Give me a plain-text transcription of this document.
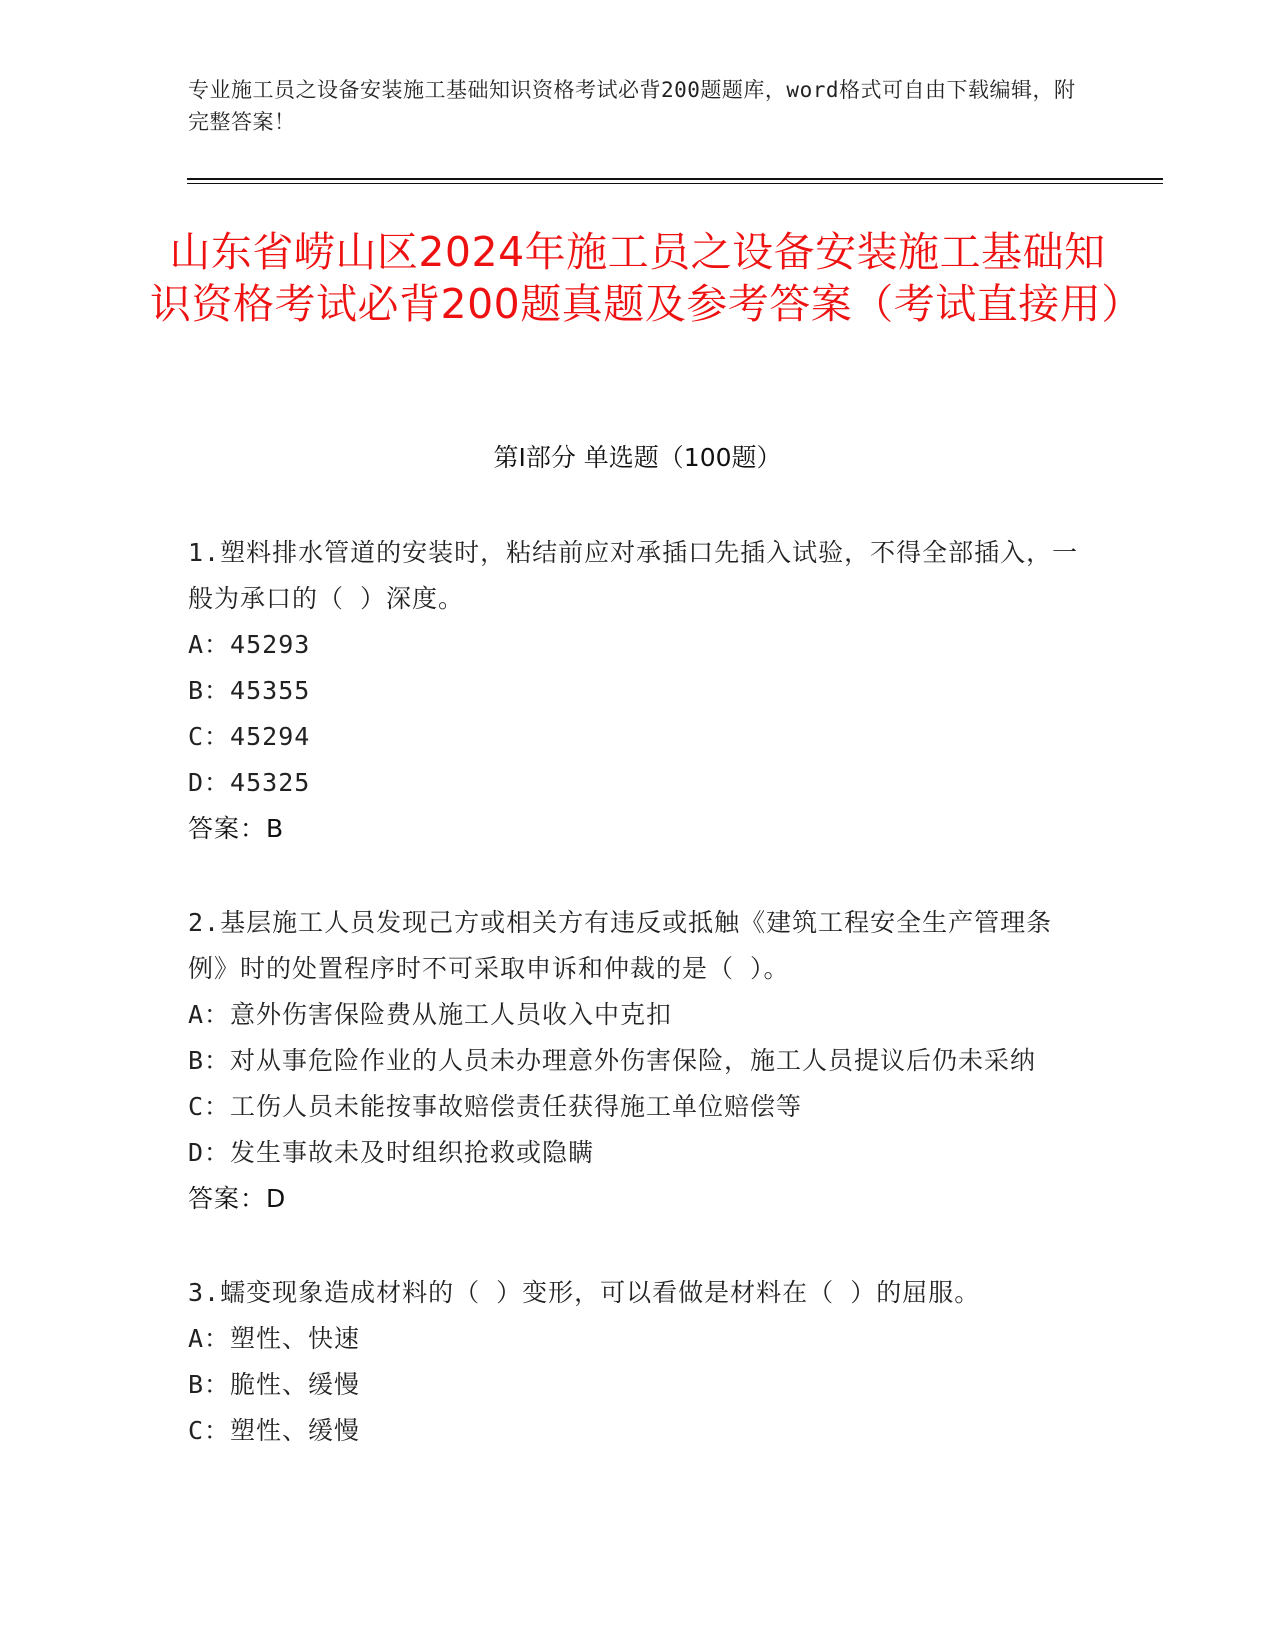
专业施工员之设备安装施工基础知识资格考试必背200题题库，word格式可自由下载编辑，附完整答案！
山东省崂山区2024年施工员之设备安装施工基础知识资格考试必背200题真题及参考答案（考试直接用）
第Ⅰ部分 单选题（100题）
1.塑料排水管道的安装时，粘结前应对承插口先插入试验，不得全部插入，一般为承口的（ ）深度。
A：45293
B：45355
C：45294
D：45325
答案：B
2.基层施工人员发现己方或相关方有违反或抵触《建筑工程安全生产管理条例》时的处置程序时不可采取申诉和仲裁的是（ ）。
A：意外伤害保险费从施工人员收入中克扣
B：对从事危险作业的人员未办理意外伤害保险，施工人员提议后仍未采纳
C：工伤人员未能按事故赔偿责任获得施工单位赔偿等
D：发生事故未及时组织抢救或隐瞒
答案：D
3.蠕变现象造成材料的（ ）变形，可以看做是材料在（ ）的屈服。
A：塑性、快速
B：脆性、缓慢
C：塑性、缓慢
